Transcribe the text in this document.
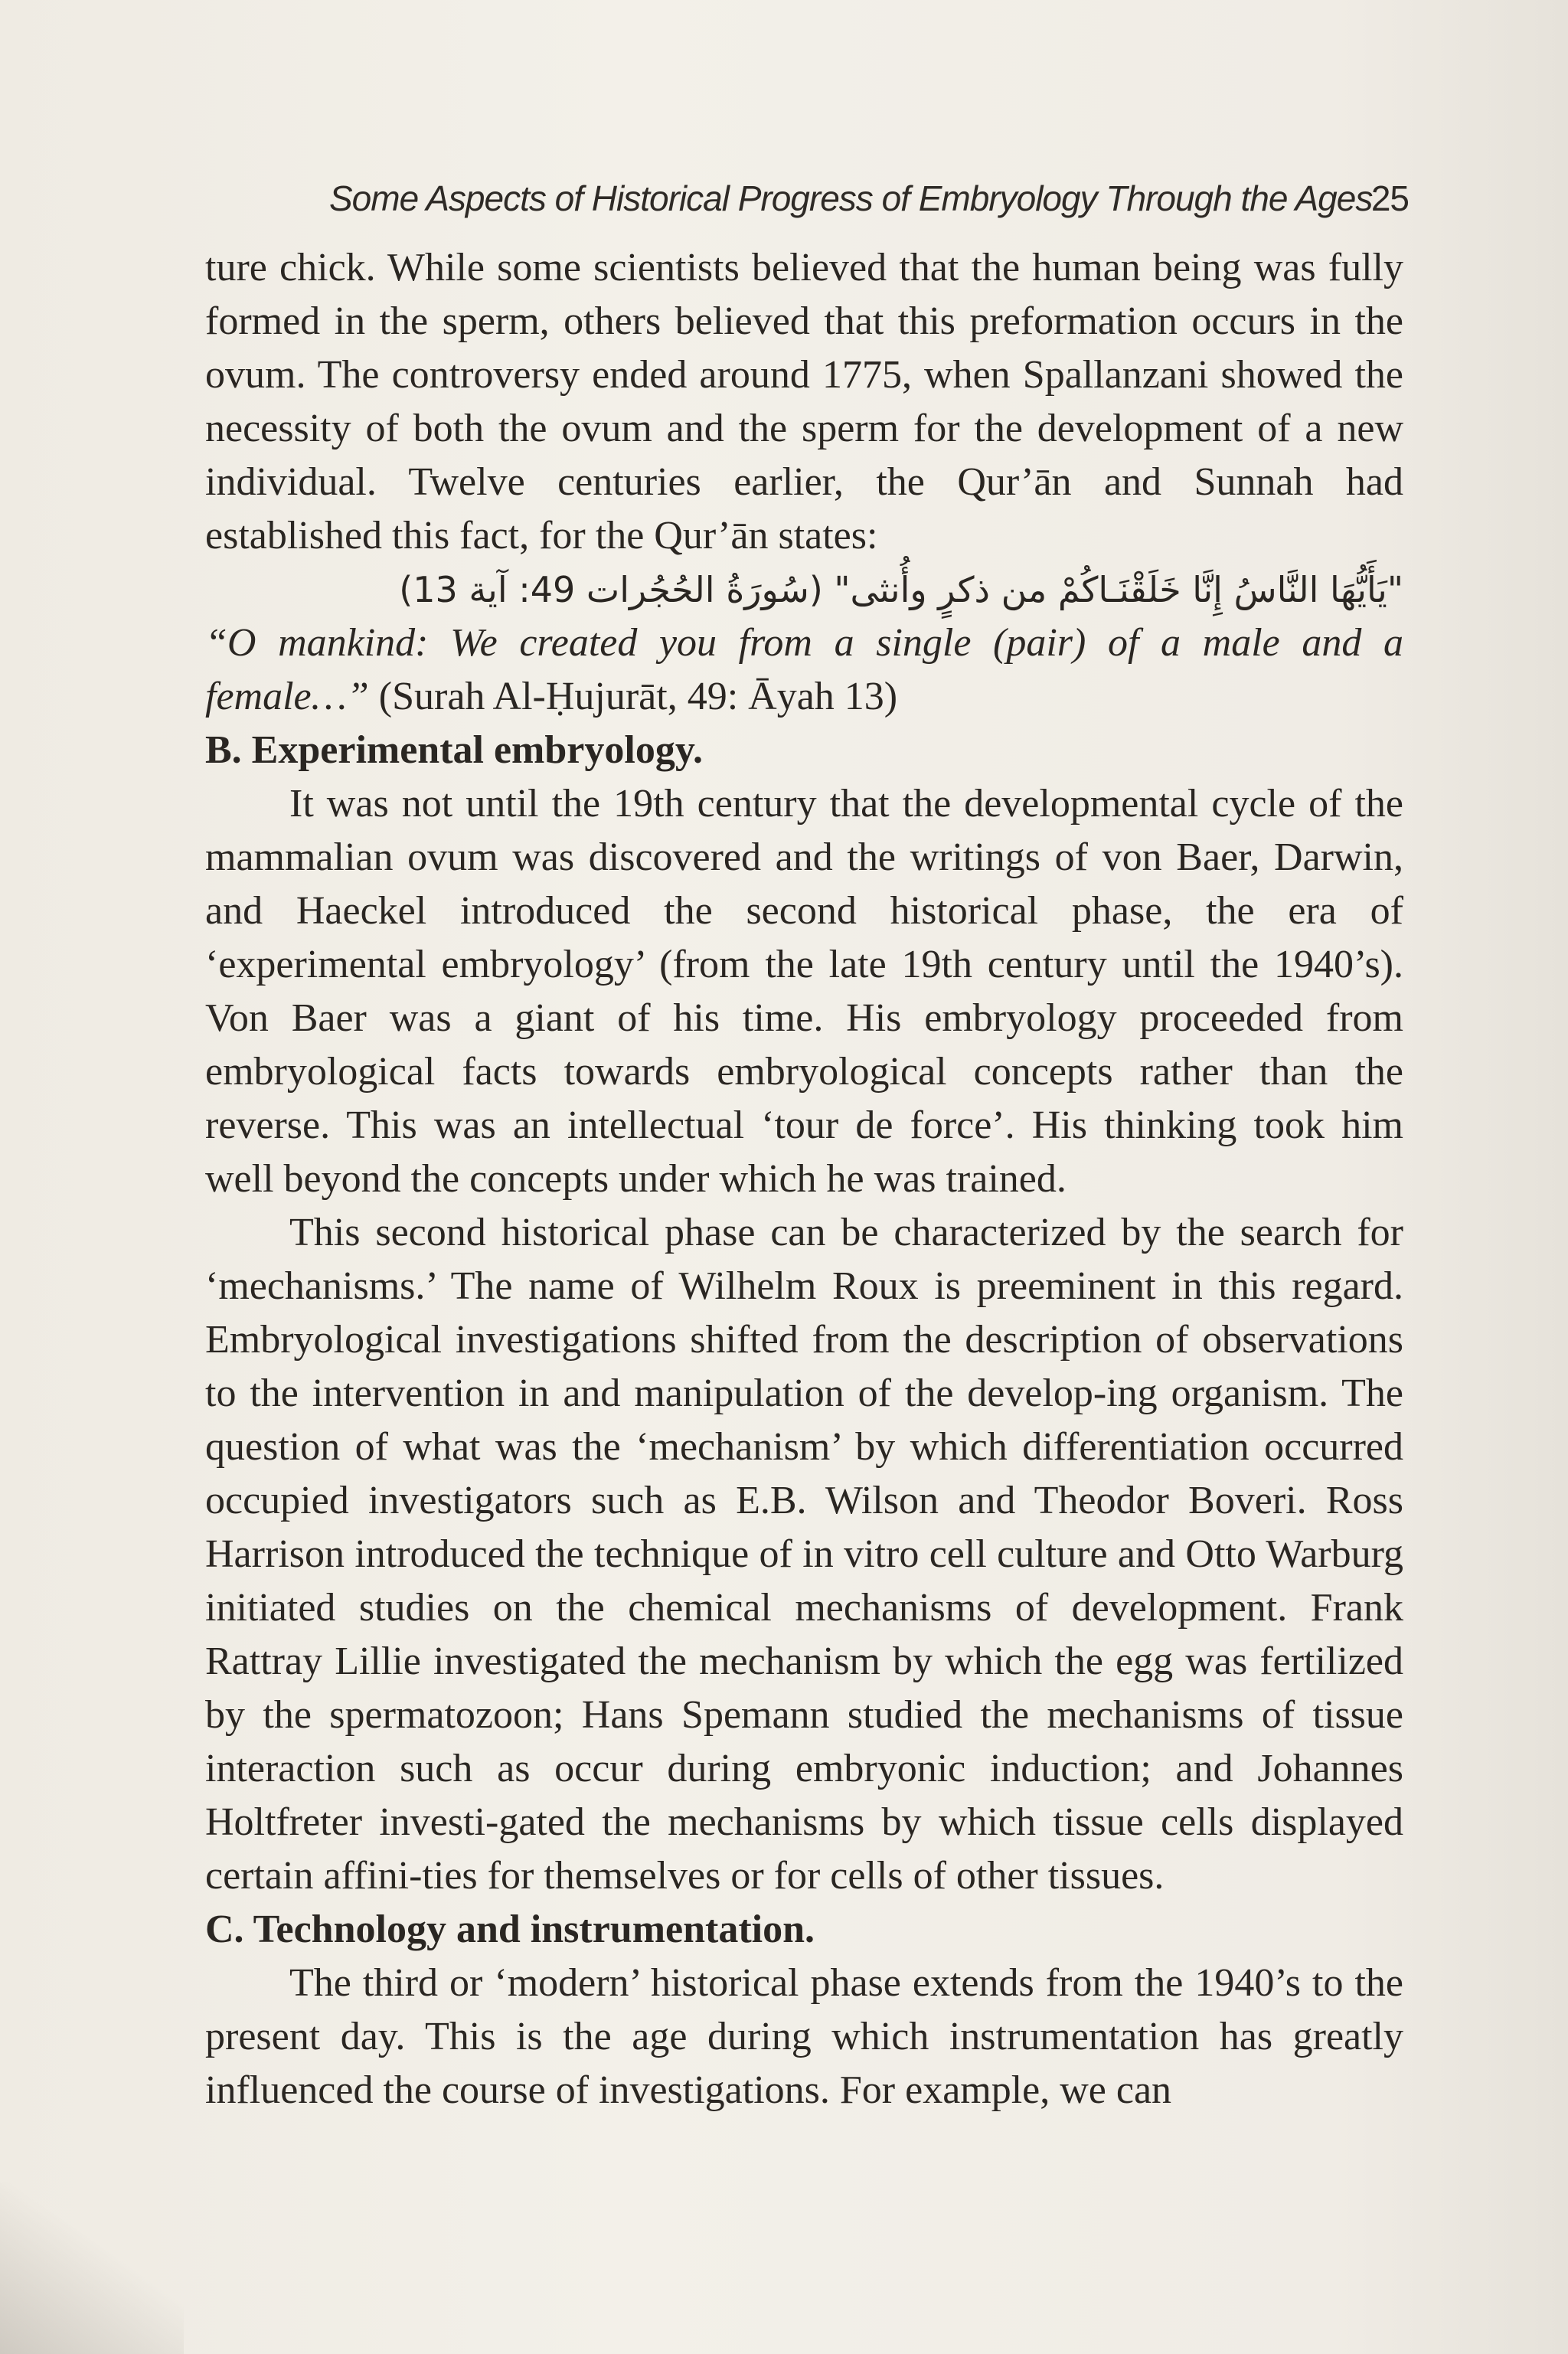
Some Aspects of Historical Progress of Embryology Through the Ages
25

ture chick. While some scientists believed that the human being was fully formed in the sperm, others believed that this preformation occurs in the ovum. The controversy ended around 1775, when Spallanzani showed the necessity of both the ovum and the sperm for the development of a new individual. Twelve centuries earlier, the Qur’ān and Sunnah had established this fact, for the Qur’ān states:

"يَأَيُّهَا النَّاسُ إِنَّا خَلَقْنَـاكُمْ من ذكرٍ وأُنثى" (سُورَةُ الحُجُرات 49: آية 13)

“O mankind: We created you from a single (pair) of a male and a female…” (Surah Al-Ḥujurāt, 49: Āyah 13)

B. Experimental embryology.

It was not until the 19th century that the developmental cycle of the mammalian ovum was discovered and the writings of von Baer, Darwin, and Haeckel introduced the second historical phase, the era of ‘experimental embryology’ (from the late 19th century until the 1940’s). Von Baer was a giant of his time. His embryology proceeded from embryological facts towards embryological concepts rather than the reverse. This was an intellectual ‘tour de force’. His thinking took him well beyond the concepts under which he was trained.

This second historical phase can be characterized by the search for ‘mechanisms.’ The name of Wilhelm Roux is preeminent in this regard. Embryological investigations shifted from the description of observations to the intervention in and manipulation of the develop-ing organism. The question of what was the ‘mechanism’ by which differentiation occurred occupied investigators such as E.B. Wilson and Theodor Boveri. Ross Harrison introduced the technique of in vitro cell culture and Otto Warburg initiated studies on the chemical mechanisms of development. Frank Rattray Lillie investigated the mechanism by which the egg was fertilized by the spermatozoon; Hans Spemann studied the mechanisms of tissue interaction such as occur during embryonic induction; and Johannes Holtfreter investi-gated the mechanisms by which tissue cells displayed certain affini-ties for themselves or for cells of other tissues.

C. Technology and instrumentation.

The third or ‘modern’ historical phase extends from the 1940’s to the present day. This is the age during which instrumentation has greatly influenced the course of investigations. For example, we can
